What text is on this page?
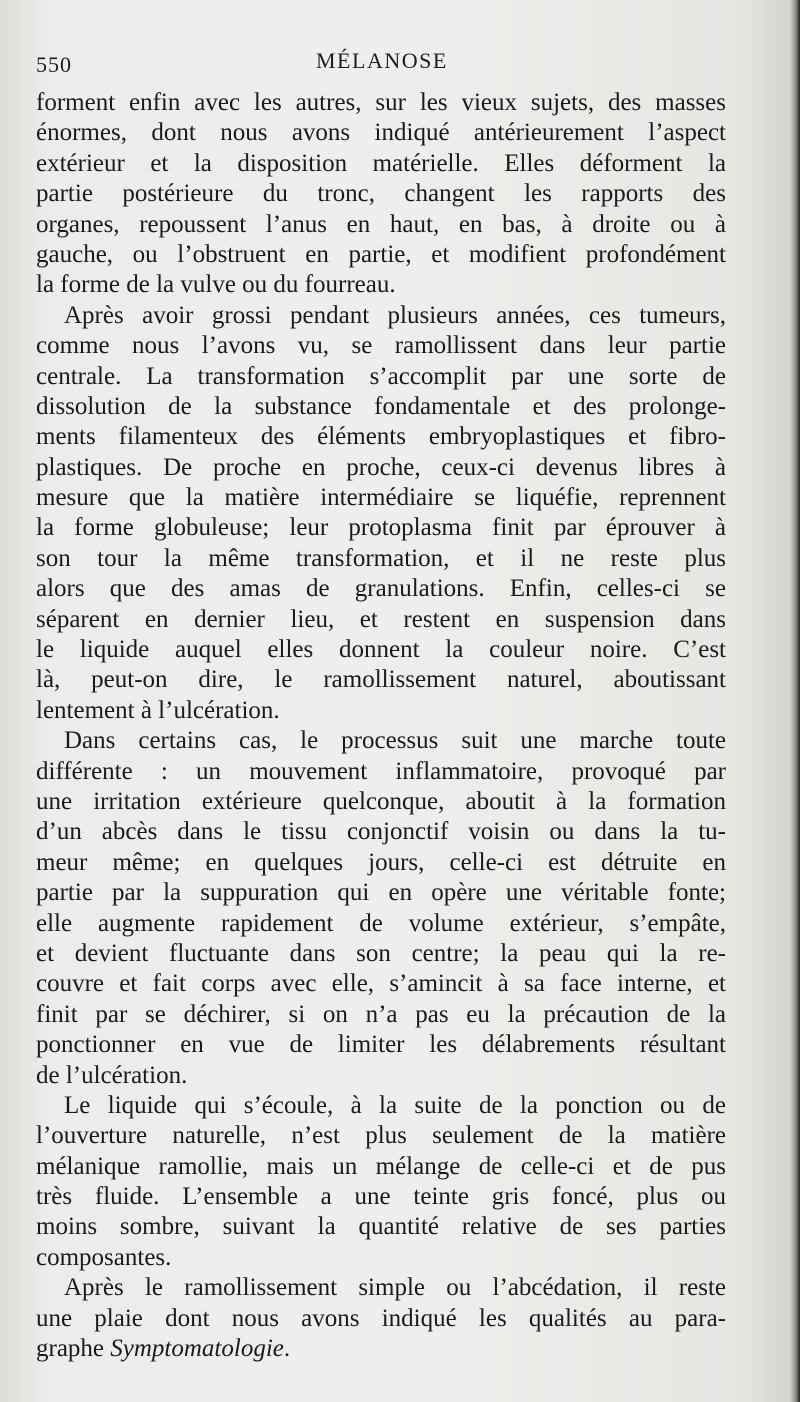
550	MÉLANOSE
forment enfin avec les autres, sur les vieux sujets, des masses
énormes, dont nous avons indiqué antérieurement l’aspect
extérieur et la disposition matérielle. Elles déforment la
partie postérieure du tronc, changent les rapports des
organes, repoussent l’anus en haut, en bas, à droite ou à
gauche, ou l’obstruent en partie, et modifient profondément
la forme de la vulve ou du fourreau.
Après avoir grossi pendant plusieurs années, ces tumeurs,
comme nous l’avons vu, se ramollissent dans leur partie
centrale. La transformation s’accomplit par une sorte de
dissolution de la substance fondamentale et des prolonge-
ments filamenteux des éléments embryoplastiques et fibro-
plastiques. De proche en proche, ceux-ci devenus libres à
mesure que la matière intermédiaire se liquéfie, reprennent
la forme globuleuse; leur protoplasma finit par éprouver à
son tour la même transformation, et il ne reste plus
alors que des amas de granulations. Enfin, celles-ci se
séparent en dernier lieu, et restent en suspension dans
le liquide auquel elles donnent la couleur noire. C’est
là, peut-on dire, le ramollissement naturel, aboutissant
lentement à l’ulcération.
Dans certains cas, le processus suit une marche toute
différente : un mouvement inflammatoire, provoqué par
une irritation extérieure quelconque, aboutit à la formation
d’un abcès dans le tissu conjonctif voisin ou dans la tu-
meur même; en quelques jours, celle-ci est détruite en
partie par la suppuration qui en opère une véritable fonte;
elle augmente rapidement de volume extérieur, s’empâte,
et devient fluctuante dans son centre; la peau qui la re-
couvre et fait corps avec elle, s’amincit à sa face interne, et
finit par se déchirer, si on n’a pas eu la précaution de la
ponctionner en vue de limiter les délabrements résultant
de l’ulcération.
Le liquide qui s’écoule, à la suite de la ponction ou de
l’ouverture naturelle, n’est plus seulement de la matière
mélanique ramollie, mais un mélange de celle-ci et de pus
très fluide. L’ensemble a une teinte gris foncé, plus ou
moins sombre, suivant la quantité relative de ses parties
composantes.
Après le ramollissement simple ou l’abcédation, il reste
une plaie dont nous avons indiqué les qualités au para-
graphe Symptomatologie.
